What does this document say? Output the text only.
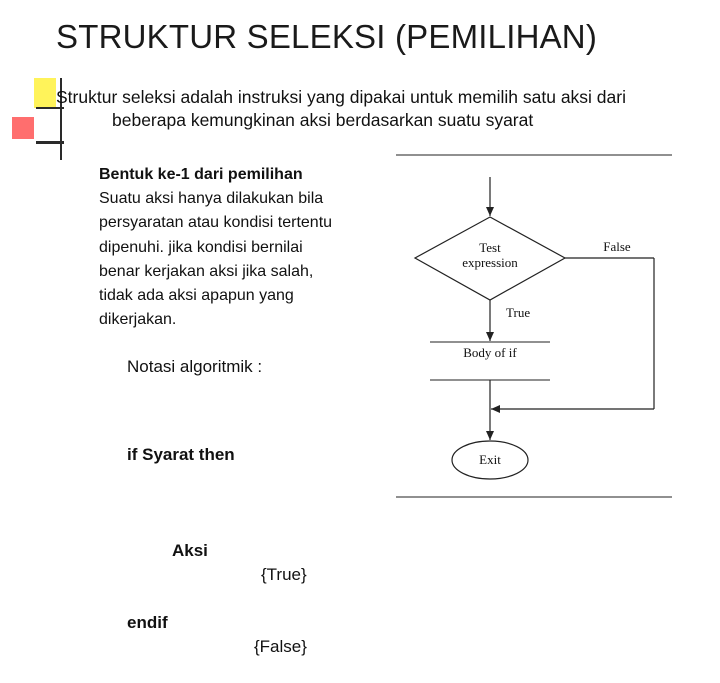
STRUKTUR SELEKSI (PEMILIHAN)
Struktur seleksi adalah instruksi yang dipakai untuk memilih satu aksi dari
beberapa kemungkinan aksi berdasarkan suatu syarat
Bentuk ke-1 dari pemilihan
Suatu aksi hanya dilakukan bila
persyaratan atau kondisi tertentu
dipenuhi. jika kondisi bernilai
benar kerjakan aksi jika salah,
tidak ada aksi apapun yang
dikerjakan.
Notasi algoritmik :

if Syarat then

Aksi

{True}

endif

{False}

Test
expression
False
True
Body of if
Exit
